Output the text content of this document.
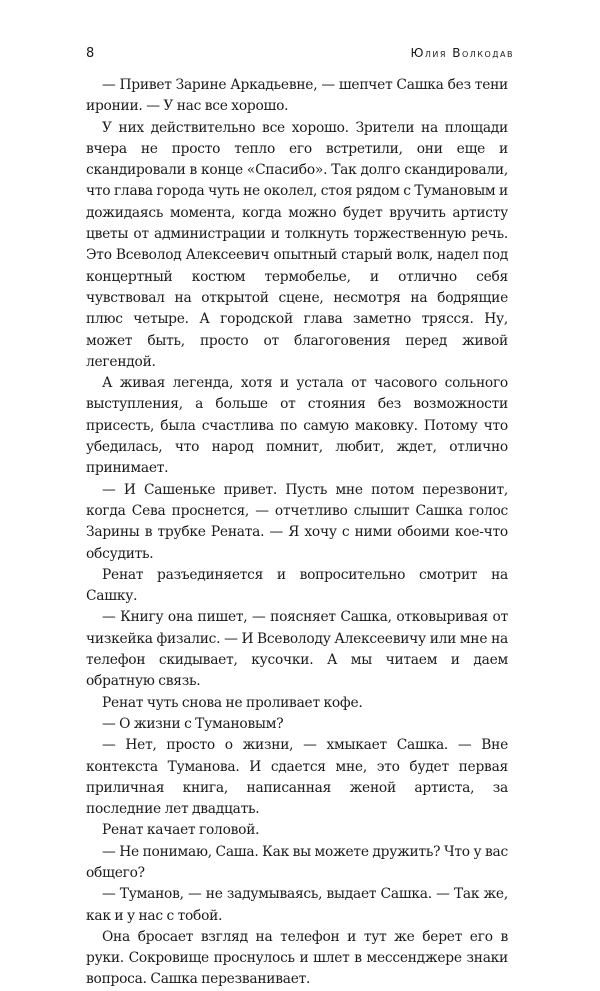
8	Юлия Волкодав

— Привет Зарине Аркадьевне, — шепчет Сашка без тени иронии. — У нас все хорошо.

У них действительно все хорошо. Зрители на площади вчера не просто тепло его встретили, они еще и скандировали в конце «Спасибо». Так долго скандировали, что глава города чуть не околел, стоя рядом с Тумановым и дожидаясь момента, когда можно будет вручить артисту цветы от администрации и толкнуть торжественную речь. Это Всеволод Алексеевич опытный старый волк, надел под концертный костюм термобелье, и отлично себя чувствовал на открытой сцене, несмотря на бодрящие плюс четыре. А городской глава заметно трясся. Ну, может быть, просто от благоговения перед живой легендой.

А живая легенда, хотя и устала от часового сольного выступления, а больше от стояния без возможности присесть, была счастлива по самую маковку. Потому что убедилась, что народ помнит, любит, ждет, отлично принимает.

— И Сашеньке привет. Пусть мне потом перезвонит, когда Сева проснется, — отчетливо слышит Сашка голос Зарины в трубке Рената. — Я хочу с ними обоими кое-что обсудить.

Ренат разъединяется и вопросительно смотрит на Сашку.

— Книгу она пишет, — поясняет Сашка, отковыривая от чизкейка физалис. — И Всеволоду Алексеевичу или мне на телефон скидывает, кусочки. А мы читаем и даем обратную связь.

Ренат чуть снова не проливает кофе.

— О жизни с Тумановым?

— Нет, просто о жизни, — хмыкает Сашка. — Вне контекста Туманова. И сдается мне, это будет первая приличная книга, написанная женой артиста, за последние лет двадцать.

Ренат качает головой.

— Не понимаю, Саша. Как вы можете дружить? Что у вас общего?

— Туманов, — не задумываясь, выдает Сашка. — Так же, как и у нас с тобой.

Она бросает взгляд на телефон и тут же берет его в руки. Сокровище проснулось и шлет в мессенджере знаки вопроса. Сашка перезванивает.
